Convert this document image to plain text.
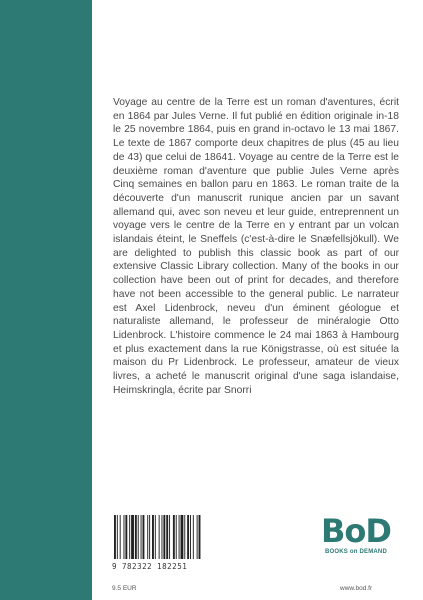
Voyage au centre de la Terre est un roman d'aventures, écrit en 1864 par Jules Verne. Il fut publié en édition originale in-18 le 25 novembre 1864, puis en grand in-octavo le 13 mai 1867. Le texte de 1867 comporte deux chapitres de plus (45 au lieu de 43) que celui de 18641. Voyage au centre de la Terre est le deuxième roman d'aventure que publie Jules Verne après Cinq semaines en ballon paru en 1863. Le roman traite de la découverte d'un manuscrit runique ancien par un savant allemand qui, avec son neveu et leur guide, entreprennent un voyage vers le centre de la Terre en y entrant par un volcan islandais éteint, le Sneffels (c'est-à-dire le Snæfellsjökull). We are delighted to publish this classic book as part of our extensive Classic Library collection. Many of the books in our collection have been out of print for decades, and therefore have not been accessible to the general public. Le narrateur est Axel Lidenbrock, neveu d'un éminent géologue et naturaliste allemand, le professeur de minéralogie Otto Lidenbrock. L'histoire commence le 24 mai 1863 à Hambourg et plus exactement dans la rue Königstrasse, où est située la maison du Pr Lidenbrock. Le professeur, amateur de vieux livres, a acheté le manuscrit original d'une saga islandaise, Heimskringla, écrite par Snorri

9 782322 182251
9.5 EUR
BoD
BOOKS on DEMAND
www.bod.fr
